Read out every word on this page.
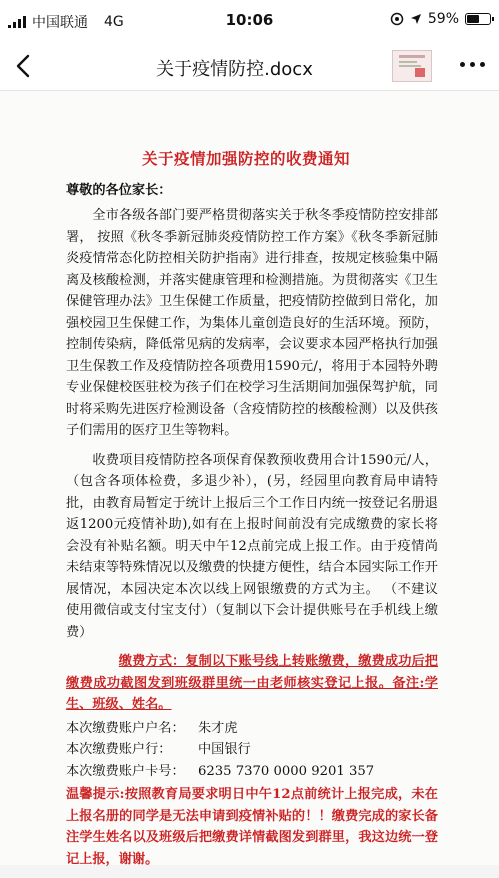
中国联通 4G	10:06	59%
关于疫情防控.docx
关于疫情加强防控的收费通知
尊敬的各位家长：

全市各级各部门要严格贯彻落实关于秋冬季疫情防控安排部署， 按照《秋冬季新冠肺炎疫情防控工作方案》《秋冬季新冠肺炎疫情常态化防控相关防护指南》进行排查，按规定核验集中隔离及核酸检测，并落实健康管理和检测措施。为贯彻落实《卫生保健管理办法》卫生保健工作质量，把疫情防控做到日常化，加强校园卫生保健工作，为集体儿童创造良好的生活环境。预防，控制传染病，降低常见病的发病率，会议要求本园严格执行加强卫生保教工作及疫情防控各项费用1590元/，将用于本园特外聘专业保健校医驻校为孩子们在校学习生活期间加强保驾护航，同时将采购先进医疗检测设备（含疫情防控的核酸检测）以及供孩子们需用的医疗卫生等物料。

收费项目疫情防控各项保育保教预收费用合计1590元/人，（包含各项体检费，多退少补），(另，经园里向教育局申请特批，由教育局暂定于统计上报后三个工作日内统一按登记名册退返1200元疫情补助),如有在上报时间前没有完成缴费的家长将会没有补贴名额。明天中午12点前完成上报工作。由于疫情尚未结束等特殊情况以及缴费的快捷方便性，结合本园实际工作开展情况，本园决定本次以线上网银缴费的方式为主。 （不建议使用微信或支付宝支付）（复制以下会计提供账号在手机线上缴费）

缴费方式：复制以下账号线上转账缴费，缴费成功后把缴费成功截图发到班级群里统一由老师核实登记上报。备注:学生、班级、姓名。

本次缴费账户户名： 朱才虎

本次缴费账户行： 中国银行

本次缴费账户卡号： 6235 7370 0000 9201 357

温馨提示:按照教育局要求明日中午12点前统计上报完成，未在上报名册的同学是无法申请到疫情补贴的！！缴费完成的家长备注学生姓名以及班级后把缴费详情截图发到群里，我这边统一登记上报，谢谢。
